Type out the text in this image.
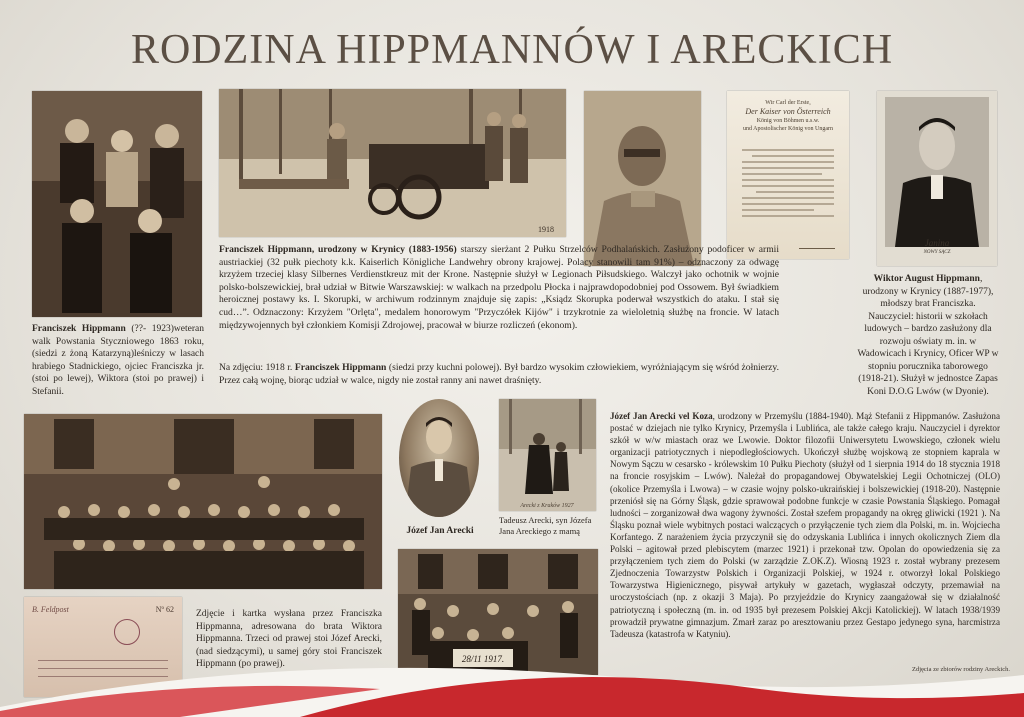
RODZINA HIPPMANNÓW I ARECKICH
Franciszek Hippmann (??- 1923)weteran walk Powstania Styczniowego 1863 roku, (siedzi z żoną Katarzyną)leśniczy w lasach hrabiego Stadnickiego, ojciec Franciszka jr. (stoi po lewej), Wiktora (stoi po prawej) i Stefanii.
1918
Wir Carl der Erste,
Der Kaiser von Österreich
König von Böhmen u.s.w.
und Apostolischer König von Ungarn
Janina
NOWY SĄCZ
Franciszek Hippmann, urodzony w Krynicy (1883-1956) starszy sierżant 2 Pułku Strzelców Podhalańskich. Zasłużony podoficer w armii austriackiej (32 pułk piechoty k.k. Kaiserlich Königliche Landwehry obrony krajowej. Polacy stanowili tam 91%) – odznaczony za odwagę krzyżem trzeciej klasy Silbernes Verdienstkreuz mit der Krone. Następnie służył w Legionach Piłsudskiego. Walczył jako ochotnik w wojnie polsko-bolszewickiej, brał udział w Bitwie Warszawskiej: w walkach na przedpolu Płocka i najprawdopodobniej pod Ossowem. Był świadkiem heroicznej postawy ks. I. Skorupki, w archiwum rodzinnym znajduje się zapis: „Ksiądz Skorupka poderwał wszystkich do ataku. I stał się cud…”. Odznaczony: Krzyżem "Orlęta", medalem honorowym "Przyczółek Kijów" i trzykrotnie za wieloletnią służbę na froncie. W latach międzywojennych był członkiem Komisji Zdrojowej, pracował w biurze rozliczeń (ekonom).
Na zdjęciu: 1918 r. Franciszek Hippmann (siedzi przy kuchni polowej). Był bardzo wysokim człowiekiem, wyróżniającym się wśród żołnierzy. Przez całą wojnę, biorąc udział w walce, nigdy nie został ranny ani nawet draśnięty.
Wiktor August Hippmann, urodzony w Krynicy (1887-1977), młodszy brat Franciszka. Nauczyciel: historii w szkołach ludowych – bardzo zasłużony dla rozwoju oświaty m. in. w Wadowicach i Krynicy, Oficer WP w stopniu porucznika taborowego (1918-21). Służył w jednostce Zapas Koni D.O.G Lwów (w Dyonie).
B. Feldpost	Nº 62 Zdjęcie i kartka wysłana przez Franciszka Hippmanna, adresowana do brata Wiktora Hippmanna. Trzeci od prawej stoi Józef Arecki, (nad siedzącymi), u samej góry stoi Franciszek Hippmann (po prawej).
Józef Jan Arecki
Arecki z Kraków 1927
Tadeusz Arecki, syn Józefa Jana Areckiego z mamą
28/11 1917.
Józef Jan Arecki vel Koza, urodzony w Przemyślu (1884-1940). Mąż Stefanii z Hippmanów. Zasłużona postać w dziejach nie tylko Krynicy, Przemyśla i Lublińca, ale także całego kraju. Nauczyciel i dyrektor szkół w w/w miastach oraz we Lwowie. Doktor filozofii Uniwersytetu Lwowskiego, członek wielu organizacji patriotycznych i niepodległościowych. Ukończył służbę wojskową ze stopniem kaprala w Nowym Sączu w cesarsko - królewskim 10 Pułku Piechoty (służył od 1 sierpnia 1914 do 18 stycznia 1918 na froncie rosyjskim – Lwów). Należał do propagandowej Obywatelskiej Legii Ochotniczej (OLO) (okolice Przemyśla i Lwowa) – w czasie wojny polsko-ukraińskiej i bolszewickiej (1918-20). Następnie przeniósł się na Górny Śląsk, gdzie sprawował podobne funkcje w czasie Powstania Śląskiego. Pomagał ludności – zorganizował dwa wagony żywności. Został szefem propagandy na okręg gliwicki (1921 ). Na Śląsku poznał wiele wybitnych postaci walczących o przyłączenie tych ziem dla Polski, m. in. Wojciecha Korfantego. Z narażeniem życia przyczynił się do odzyskania Lublińca i innych okolicznych Ziem dla Polski – agitował przed plebiscytem (marzec 1921) i przekonał tzw. Opolan do opowiedzenia się za przyłączeniem tych ziem do Polski (w zarządzie Z.OK.Z). Wiosną 1923 r. został wybrany prezesem Zjednoczenia Towarzystw Polskich i Organizacji Polskiej, w 1924 r. otworzył lokal Polskiego Towarzystwa Higienicznego, pisywał artykuły w gazetach, wygłaszał odczyty, przemawiał na uroczystościach (np. z okazji 3 Maja). Po przyjeździe do Krynicy zaangażował się w działalność patriotyczną i społeczną (m. in. od 1935 był prezesem Polskiej Akcji Katolickiej). W latach 1938/1939 prowadził prywatne gimnazjum. Zmarł zaraz po aresztowaniu przez Gestapo jedynego syna, harcmistrza Tadeusza (katastrofa w Katyniu).
Zdjęcia ze zbiorów rodziny Areckich.
